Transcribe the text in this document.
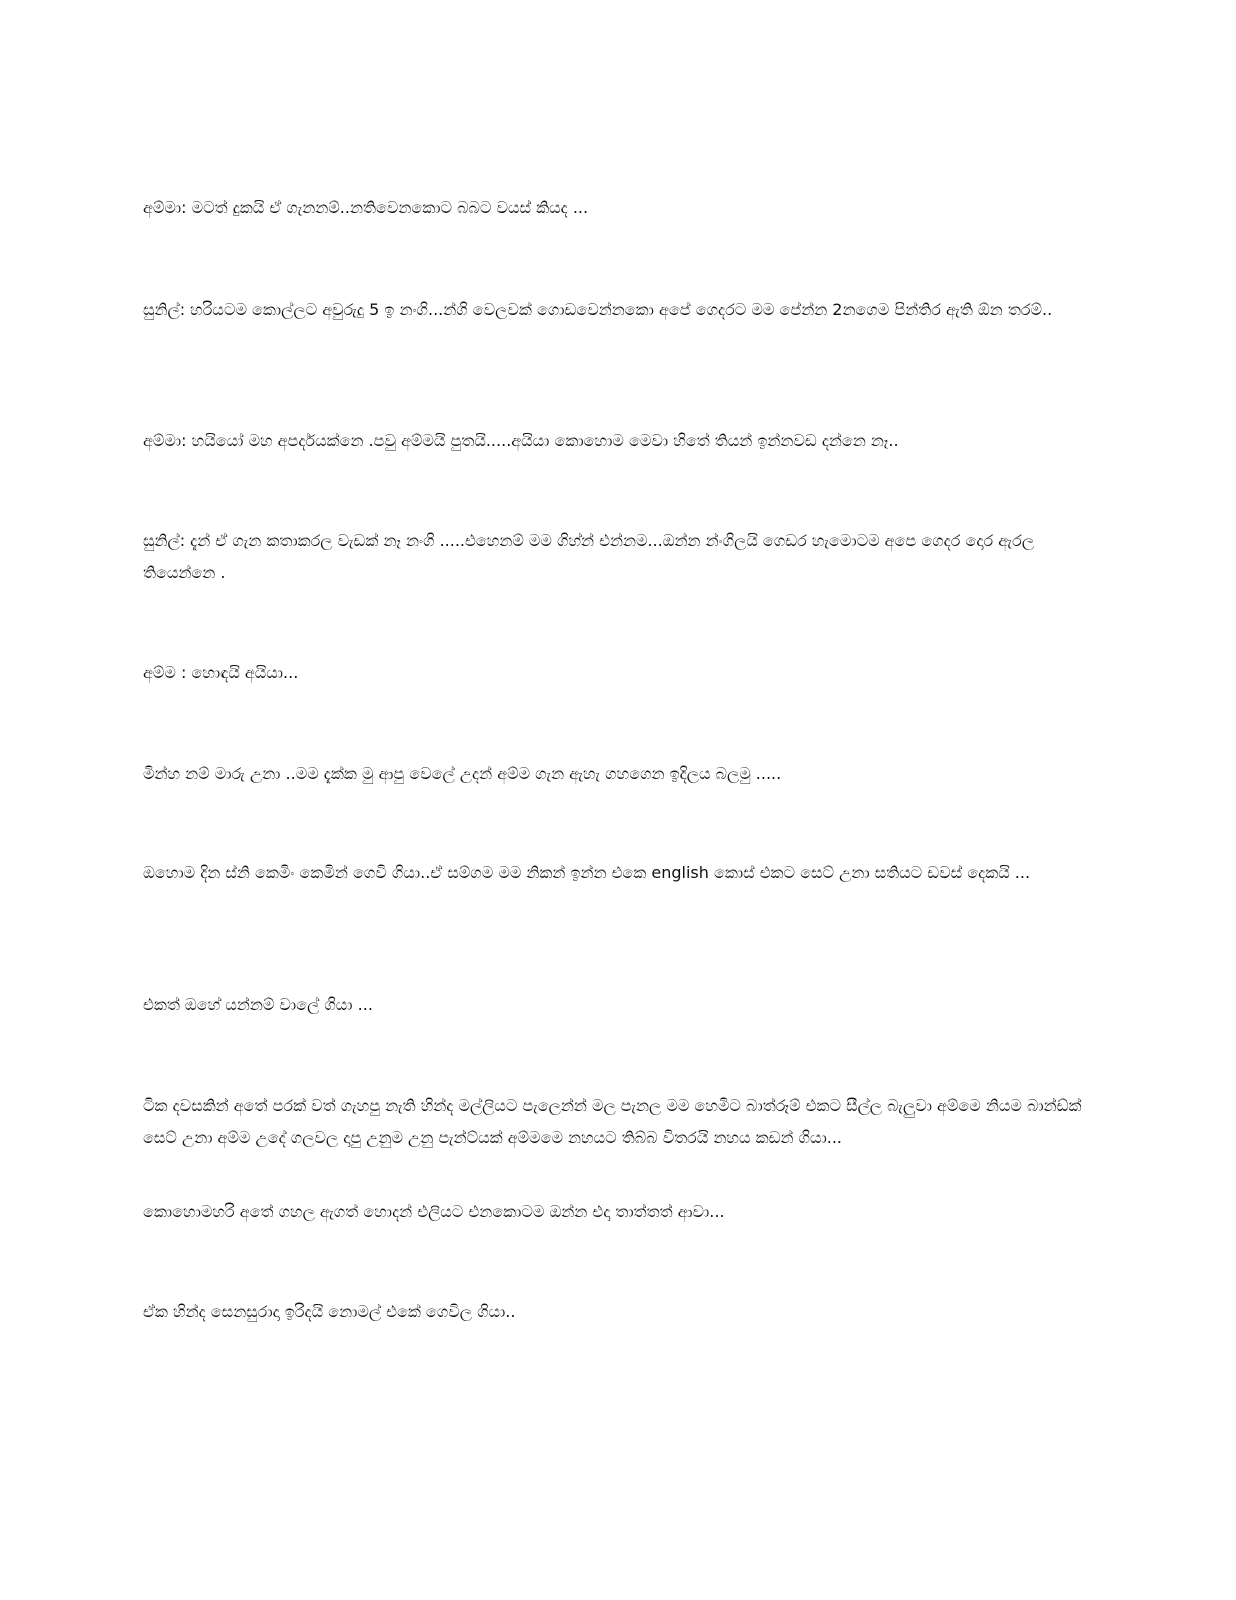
අම්මා: මටත් දුකයි ඒ ගැනනම්..නතිවෙනකොට බබට වයස් කියද ...

සුනිල්: හරියටම කොල්ලට අවුරුදු 5 ඉ නංගි...න්ගි වෙලවක් ගොඩවෙන්නකො අපේ ගෙදරට මම පේන්න 2නගෙම පින්තිර ඇති ඕන තරම්..

අම්මා: හයියෝ මහ අපර්දයක්නෙ .පවු අම්මයි පුතයි.....අයියා කොහොම මෙවා හිතේ තියන් ඉන්නවඩ දන්නෙ නෑ..

සුනිල්: දැන් ඒ ගැන කතාකරල වැඩක් නෑ නංගි .....එහෙනම් මම ගිහ්න් එන්නම...ඔන්න න්ංගිලයි ගෙඩර හැමොටම අපෙ ගෙදර දොර ඇරල තියෙන්නෙ .

අම්ම : හොඳයි අයියා...

මින්හ නම් මාරු උනා ..මම දැක්ක මු ආපු වෙලේ උදන් අම්ම ගැන ඇහැ ගහගෙන ඉදිලය බලමු .....

ඔහොම දින ස්නි කෙමිං කෙමින් ගෙවි ගියා..ඒ සම්ගම මම නිකන් ඉන්න එකෙ english කොස් එකට සෙට් උනා සතියට ඩවස් දෙකයි ...

එකත් ඔහේ යන්නම් වාලේ ගියා ...

ටික දවසකින් අතේ පරක් වත් ගැහපු නැති හින්ද මල්ලියට පැලෙන්න් මල පැනල මම හෙමිට බාත්රූම් එකට සීල්ල බැලුවා අම්මෙ නියම බාන්ඩ්ක් සෙට් උනා අම්ම උදේ ගලවල දාපු උනුම උනු පැන්ට්යක් අම්මමෙ නහයට තිබ්බ විතරයි නහය කඩන් ගියා...

කොහොමහරි අතේ ගහල ඇගත් හොදන් එලියට එනකොටම ඔන්න එදා තාත්තත් ආවා...

ඒක හින්ද සෙනසුරාදා ඉරිදයි නොමල් එකේ ගෙවිල ගියා..
